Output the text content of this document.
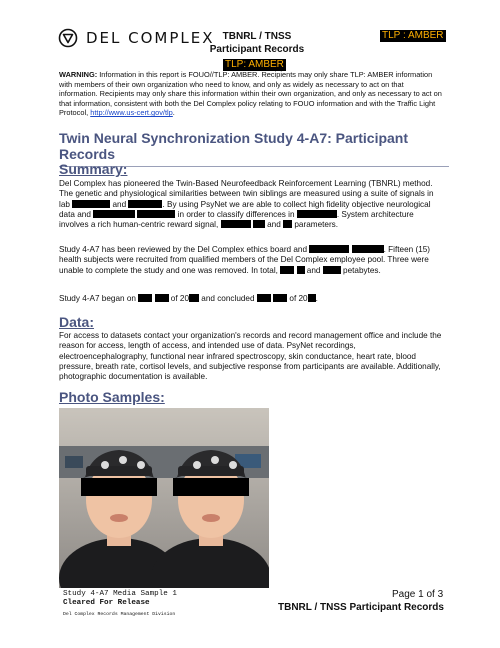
DEL COMPLEX TBNRL / TNSS
Participant Records
TLP : AMBER
TLP: AMBER
WARNING: Information in this report is FOUO//TLP: AMBER. Recipients may only share TLP: AMBER information with members of their own organization who need to know, and only as widely as necessary to act on that information. Recipients may only share this information within their own organization, and only as necessary to act on that information, consistent with both the Del Complex policy relating to FOUO information and with the Traffic Light Protocol, http://www.us-cert.gov/tlp.
Twin Neural Synchronization Study 4-A7: Participant Records
Summary:
Del Complex has pioneered the Twin-Based Neurofeedback Reinforcement Learning (TBNRL) method. The genetic and physiological similarities between twin siblings are measured using a suite of signals in lab	and	. By using PsyNet we are able to collect high fidelity objective neurological data and	in order to classify differences in	. System architecture involves a rich human-centric reward signal,	and parameters.
Study 4-A7 has been reviewed by the Del Complex ethics board and	. Fifteen (15) health subjects were recruited from qualified members of the Del Complex employee pool. Three were unable to complete the study and one was removed. In total,	and	petabytes.
Study 4-A7 began on	of 20 and concluded	of 20 .
Data:
For access to datasets contact your organization's records and record management office and include the reason for access, length of access, and intended use of data. PsyNet recordings, electroencephalography, functional near infrared spectroscopy, skin conductance, heart rate, blood pressure, breath rate, cortisol levels, and subjective response from participants are available. Additionally, photographic documentation is available.
Photo Samples:
Study 4-A7 Media Sample 1
Cleared For Release
Del Complex Records Management Division
Page 1 of 3
TBNRL / TNSS Participant Records
